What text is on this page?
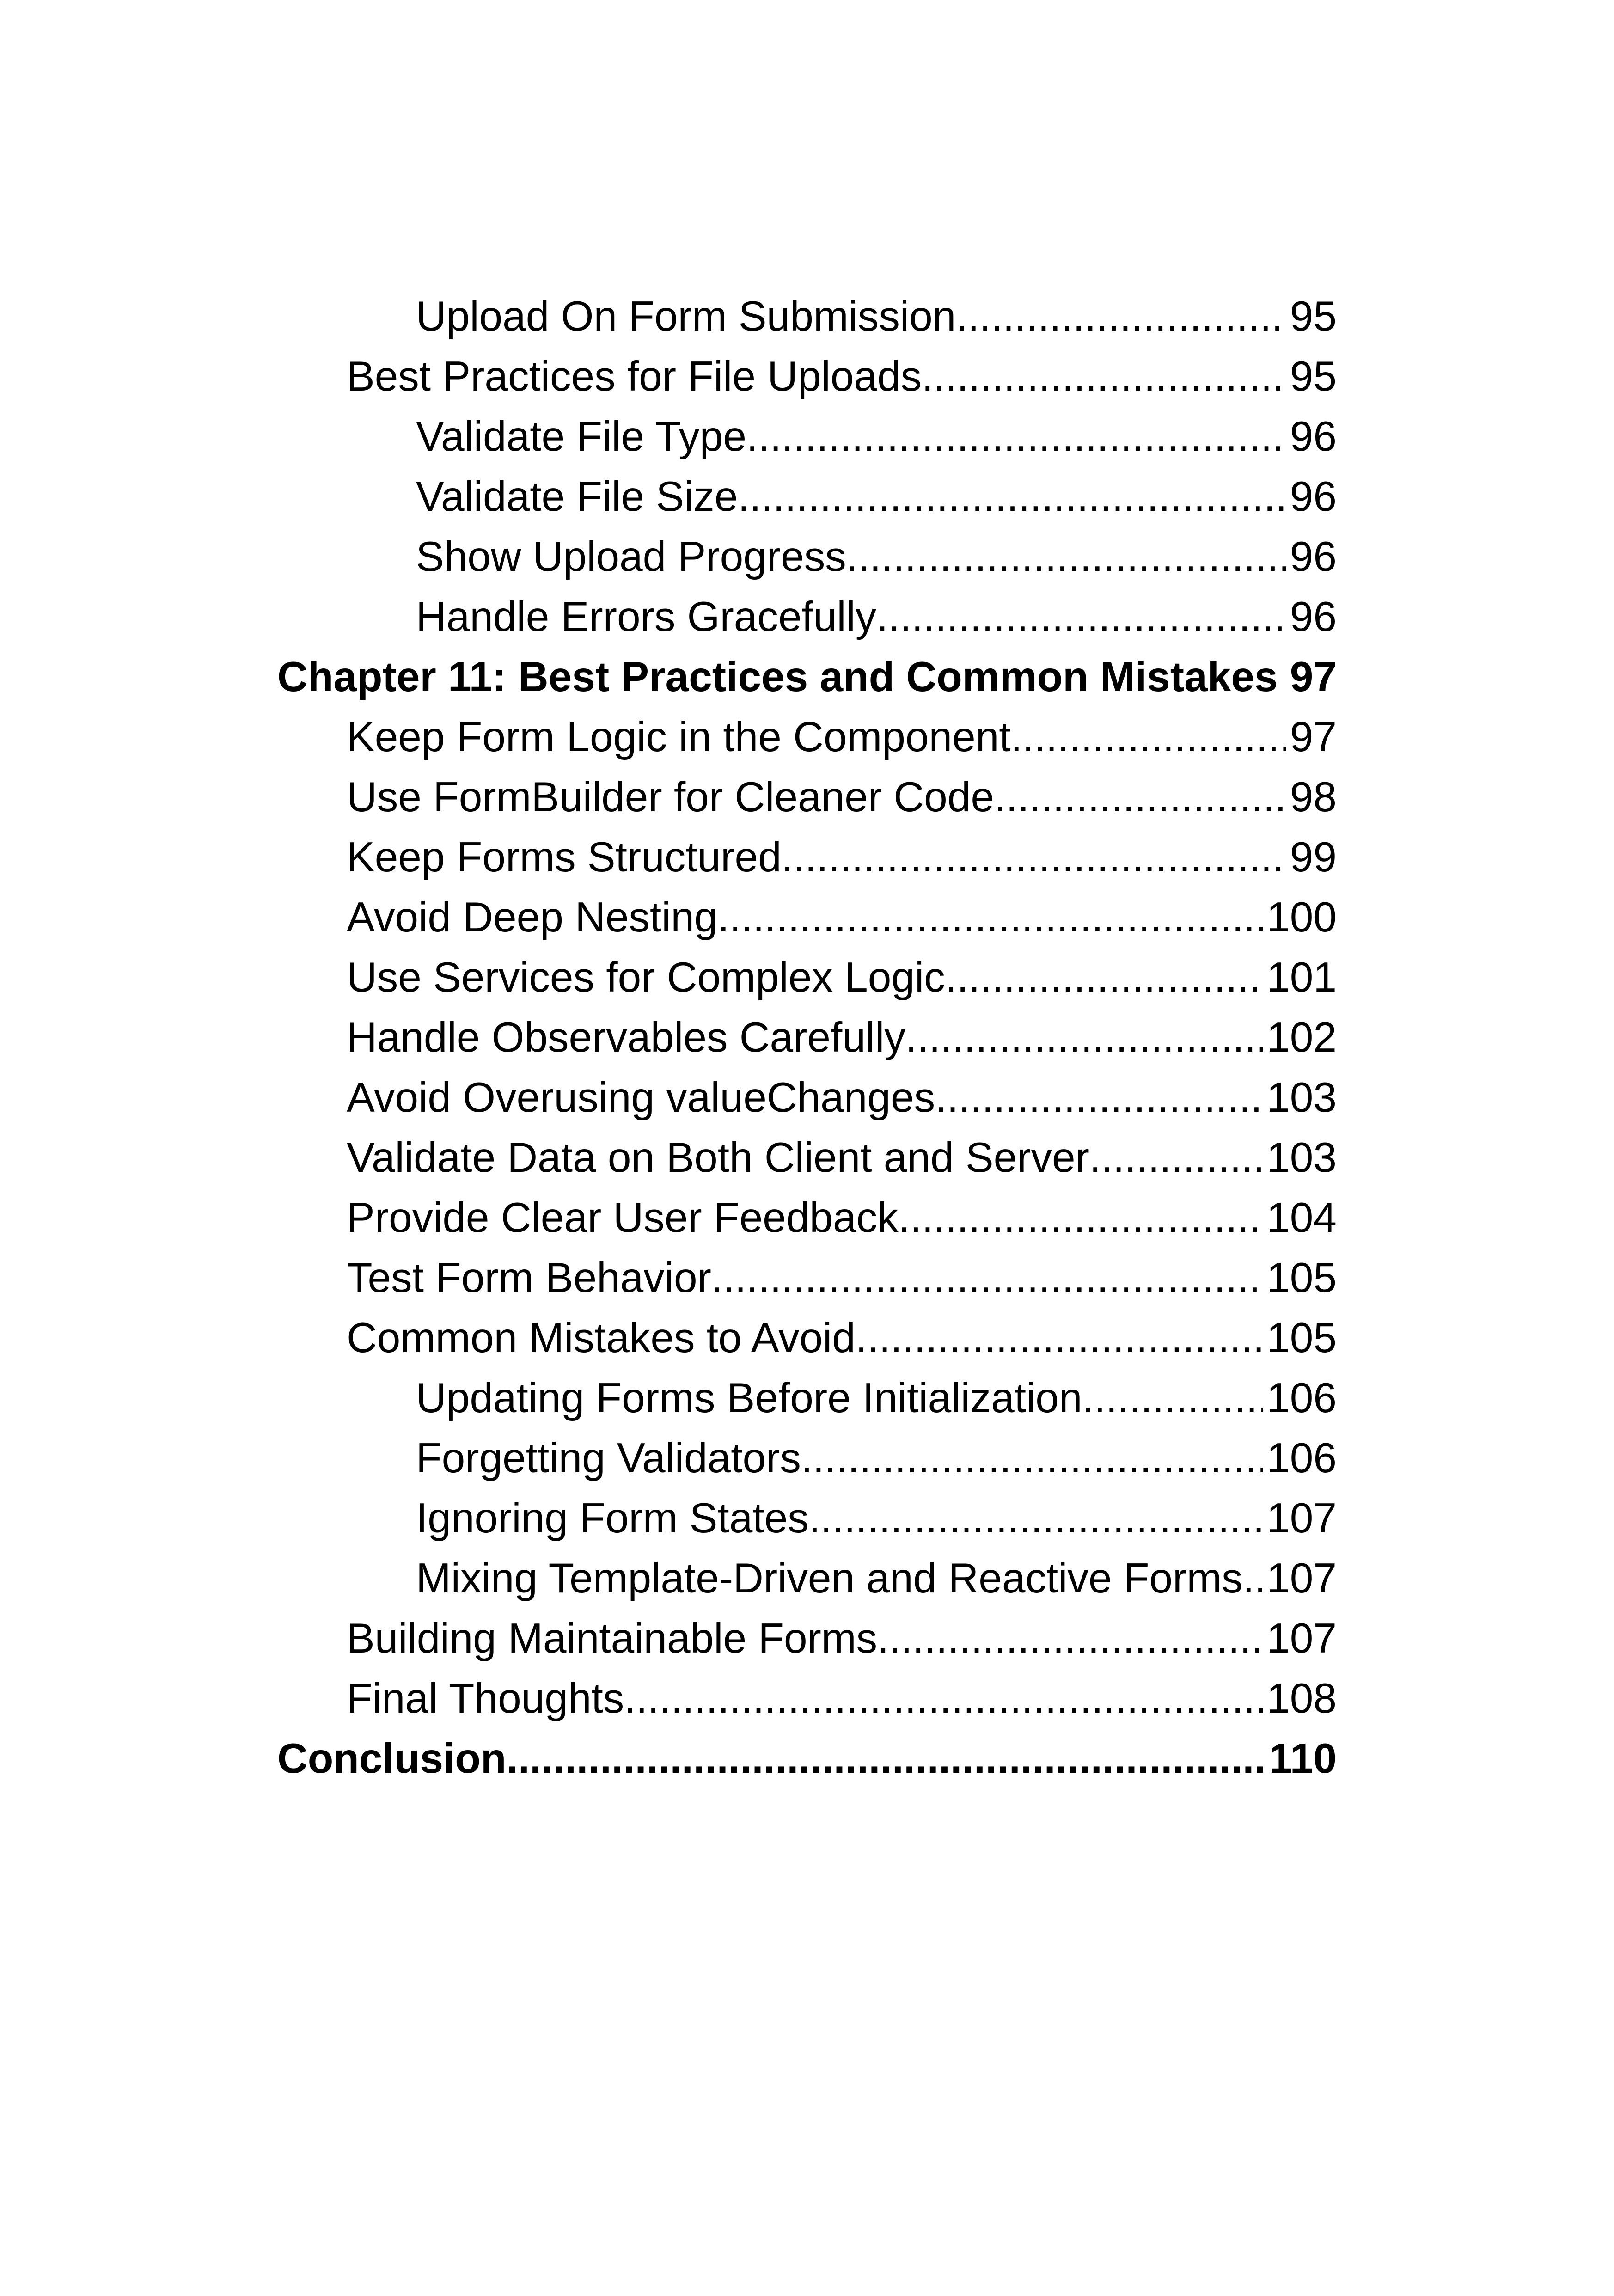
Upload On Form Submission .....	95
Best Practices for File Uploads .....	95
Validate File Type .....	96
Validate File Size .....	96
Show Upload Progress .....	96
Handle Errors Gracefully .....	96
Chapter 11: Best Practices and Common Mistakes 97
Keep Form Logic in the Component .....	97
Use FormBuilder for Cleaner Code .....	98
Keep Forms Structured .....	99
Avoid Deep Nesting .....	100
Use Services for Complex Logic .....	101
Handle Observables Carefully .....	102
Avoid Overusing valueChanges .....	103
Validate Data on Both Client and Server .....	103
Provide Clear User Feedback .....	104
Test Form Behavior .....	105
Common Mistakes to Avoid .....	105
Updating Forms Before Initialization .....	106
Forgetting Validators .....	106
Ignoring Form States .....	107
Mixing Template-Driven and Reactive Forms ..... 107
Building Maintainable Forms .....	107
Final Thoughts .....	108
Conclusion .....	110
